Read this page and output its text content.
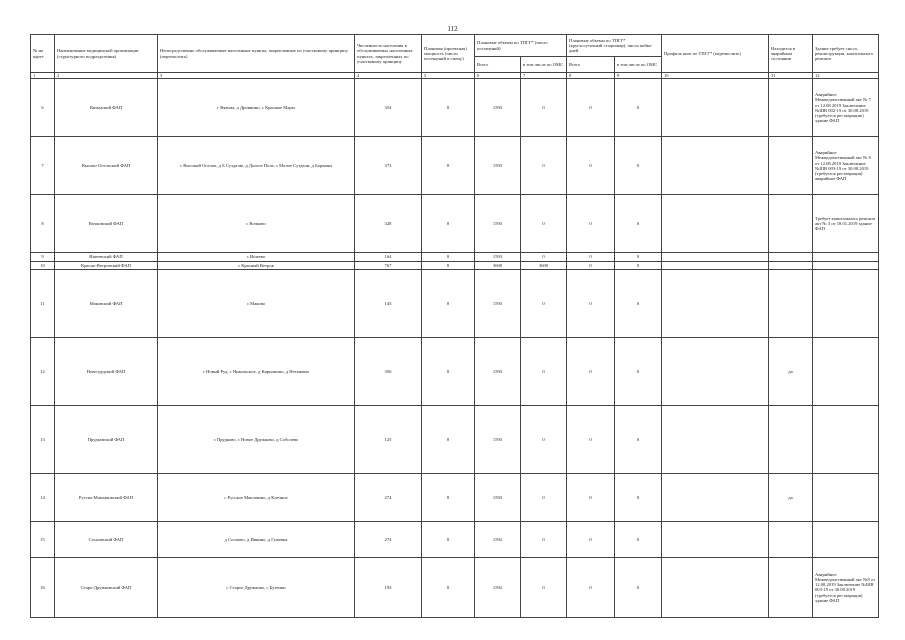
112
№ на карте	Наименование медицинской организации (структурного подразделения)	Непосредственно обслуживаемые населенные пункты, закрепленные по участковому принципу (перечислить)	Численность населения в обслуживаемых населенных пунктах, закрепленных по участковому принципу	Плановая (проектная) мощность (число посещений в смену)	Плановые объемы по ТПГГ* (число посещений)		Плановые объемы по ТПГГ* (круглосуточный стационар), число койко-дней		Профиль коек по ТПГГ* (перечислить)	Находится в аварийном состоянии	Здание требует сноса, реконструкции, капитального ремонта
					Всего	в том числе по ОМС	Всего	в том числе по ОМС			
1	2	3	4	5	6	7	8	9	10	11	12
6	Вязьмский ФАП	г Вязьма, д Дровнино, с Красные Мары	354	8	1593	0	0	0			Аварийное Межведомственный акт № 7 от 12.08.2019 Заключение №ШВ 002-19 от 30.08.2019 (требуется реставрацию) здание ФАП
7	Высоко-Осельский ФАП	с Высокий Оселок, д Б Суздалю, д Долгое Поле, с Малое Суздали, д Борками	373	8	1593	0	0	0			Аварийное Межведомственный акт № 8 от 12.08.2019 Заключение №ШВ 003-19 от 30.08.2019 (требуется реставрация) аварийное ФАП
8	Вочковский ФАП	с Вочково	328	8	1593	0	0	0			Требует капитального ремонта акт № 3 от 18.01.2019 здание ФАП
9	Ишеевский ФАП	с Ишеево	164	8	1593	0	0	0			
10	Красно-Ветровский ФАП	с Красный Ветрок	767	8	3600	3600	0	0			
11	Маковский ФАП	с Маково	143	8	1593	0	0	0			
12	Ново-рудский ФАП	с Новый Руд, с Никольское, д Кирилкино, д Нетыкино	356	8	1593	0	0	0		да	
13	Прудковский ФАП	с Прудково, с Новое Дружково, д Соболево	125	8	1593	0	0	0			
14	Русско-Маклаковский ФАП	с Русское Маклаково, д Клечное	274	8	1593	0	0	0		да	
15	Сосновский ФАП	д Сосново, д Ивкино, д Гужевка	274	8	1592	0	0	0			
16	Старо-Дружковский ФАП	с Старое Дружково, с Бутенки	193	8	1592	0	0	0			Аварийное Межведомственный акт №8 от 12.08.2019 Заключение №ШВ 003-19 от 30.08.2019 (требуется реставрация) здание ФАП
